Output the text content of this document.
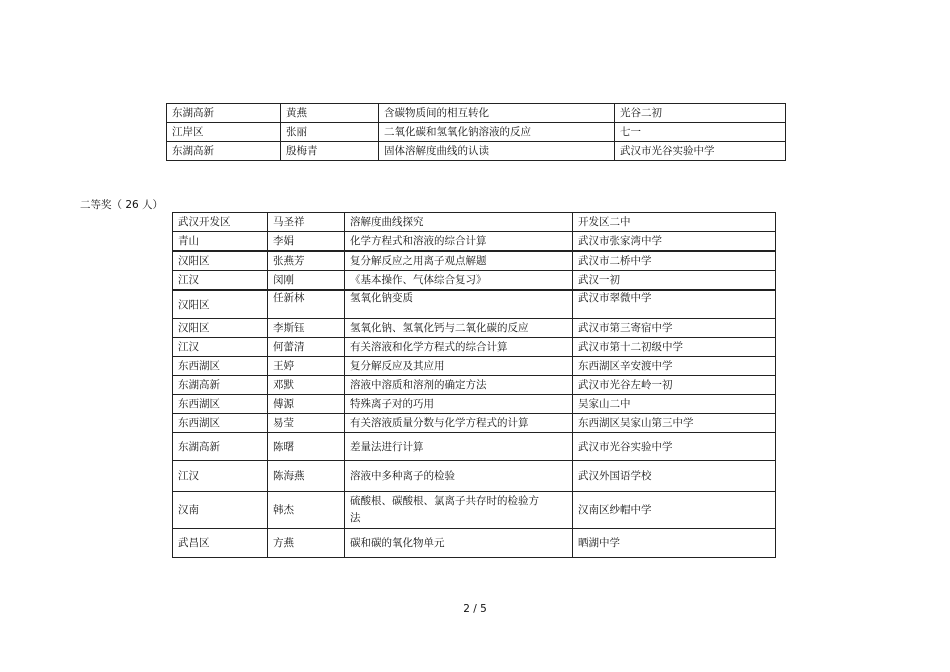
东湖高新	黄燕	含碳物质间的相互转化	光谷二初
江岸区	张丽	二氧化碳和氢氧化钠溶液的反应	七一
东湖高新	殷梅青	固体溶解度曲线的认读	武汉市光谷实验中学
二等奖（ 26 人）
武汉开发区	马圣祥	溶解度曲线探究	开发区二中
青山	李娟	化学方程式和溶液的综合计算	武汉市张家湾中学
汉阳区	张燕芳	复分解反应之用离子观点解题	武汉市二桥中学
江汉	闵刚	《基本操作、气体综合复习》	武汉一初
汉阳区	任新林	氢氧化钠变质	武汉市翠微中学
汉阳区	李斯钰	氢氧化钠、氢氧化钙与二氧化碳的反应	武汉市第三寄宿中学
江汉	何蕾清	有关溶液和化学方程式的综合计算	武汉市第十二初级中学
东西湖区	王婷	复分解反应及其应用	东西湖区辛安渡中学
东湖高新	邓默	溶液中溶质和溶剂的确定方法	武汉市光谷左岭一初
东西湖区	傅源	特殊离子对的巧用	吴家山二中
东西湖区	易莹	有关溶液质量分数与化学方程式的计算	东西湖区吴家山第三中学
东湖高新	陈曙	差量法进行计算	武汉市光谷实验中学
江汉	陈海燕	溶液中多种离子的检验	武汉外国语学校
汉南	韩杰	硫酸根、碳酸根、氯离子共存时的检验方法	汉南区纱帽中学
武昌区	方燕	碳和碳的氧化物单元	晒湖中学
2 / 5
